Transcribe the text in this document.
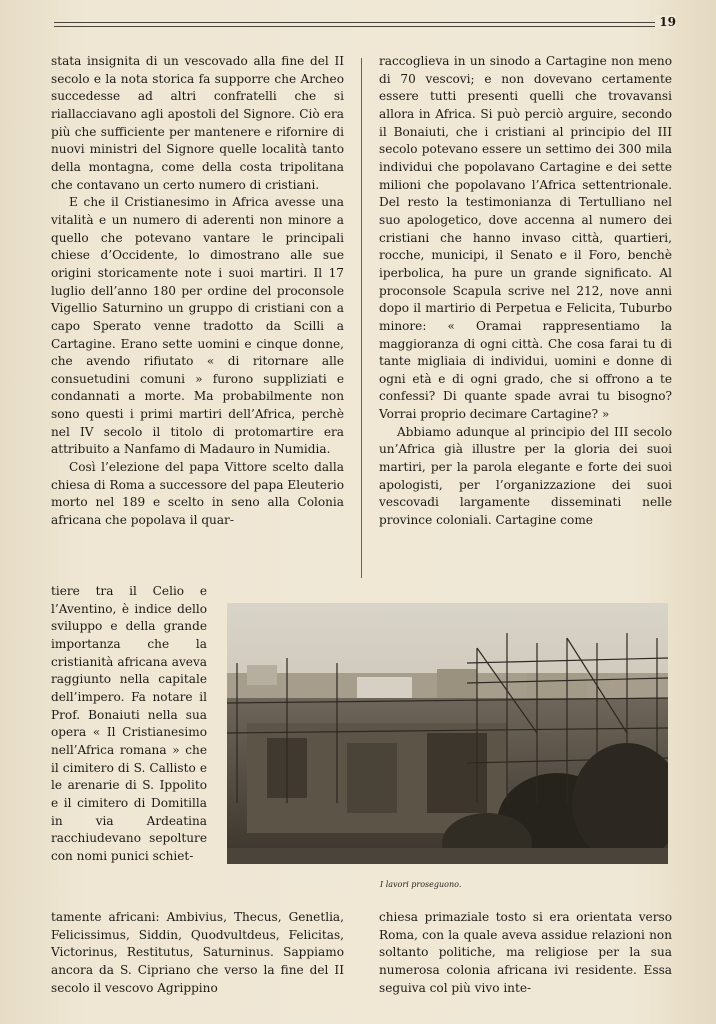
19

stata insignita di un vescovado alla fine del II secolo e la nota storica fa supporre che Archeo succedesse ad altri confratelli che si riallacciavano agli apostoli del Signore. Ciò era più che sufficiente per mantenere e rifornire di nuovi ministri del Signore quelle località tanto della montagna, come della costa tripolitana che contavano un certo numero di cristiani.

E che il Cristianesimo in Africa avesse una vitalità e un numero di aderenti non minore a quello che potevano vantare le principali chiese d’Occidente, lo dimostrano alle sue origini storicamente note i suoi martiri. Il 17 luglio dell’anno 180 per ordine del proconsole Vigellio Saturnino un gruppo di cristiani con a capo Sperato venne tradotto da Scilli a Cartagine. Erano sette uomini e cinque donne, che avendo rifiutato « di ritornare alle consuetudini comuni » furono suppliziati e condannati a morte. Ma probabilmente non sono questi i primi martiri dell’Africa, perchè nel IV secolo il titolo di protomartire era attribuito a Nanfamo di Madauro in Numidia.

Così l’elezione del papa Vittore scelto dalla chiesa di Roma a successore del papa Eleuterio morto nel 189 e scelto in seno alla Colonia africana che popolava il quar-

raccoglieva in un sinodo a Cartagine non meno di 70 vescovi; e non dovevano certamente essere tutti presenti quelli che trovavansi allora in Africa. Si può perciò arguire, secondo il Bonaiuti, che i cristiani al principio del III secolo potevano essere un settimo dei 300 mila individui che popolavano Cartagine e dei sette milioni che popolavano l’Africa settentrionale. Del resto la testimonianza di Tertulliano nel suo apologetico, dove accenna al numero dei cristiani che hanno invaso città, quartieri, rocche, municipi, il Senato e il Foro, benchè iperbolica, ha pure un grande significato. Al proconsole Scapula scrive nel 212, nove anni dopo il martirio di Perpetua e Felicita, Tuburbo minore: « Oramai rappresentiamo la maggioranza di ogni città. Che cosa farai tu di tante migliaia di individui, uomini e donne di ogni età e di ogni grado, che si offrono a te confessi? Di quante spade avrai tu bisogno? Vorrai proprio decimare Cartagine? »

Abbiamo adunque al principio del III secolo un’Africa già illustre per la gloria dei suoi martiri, per la parola elegante e forte dei suoi apologisti, per l’organizzazione dei suoi vescovadi largamente disseminati nelle province coloniali. Cartagine come

tiere tra il Celio e l’Aventino, è indice dello sviluppo e della grande importanza che la cristianità africana aveva raggiunto nella capitale dell’impero. Fa notare il Prof. Bonaiuti nella sua opera « Il Cristianesimo nell’Africa romana » che il cimitero di S. Callisto e le arenarie di S. Ippolito e il cimitero di Domitilla in via Ardeatina racchiudevano sepolture con nomi punici schiet-

I lavori proseguono.

tamente africani: Ambivius, Thecus, Genetlia, Felicissimus, Siddin, Quodvultdeus, Felicitas, Victorinus, Restitutus, Saturninus. Sappiamo ancora da S. Cipriano che verso la fine del II secolo il vescovo Agrippino

chiesa primaziale tosto si era orientata verso Roma, con la quale aveva assidue relazioni non soltanto politiche, ma religiose per la sua numerosa colonia africana ivi residente. Essa seguiva col più vivo inte-
